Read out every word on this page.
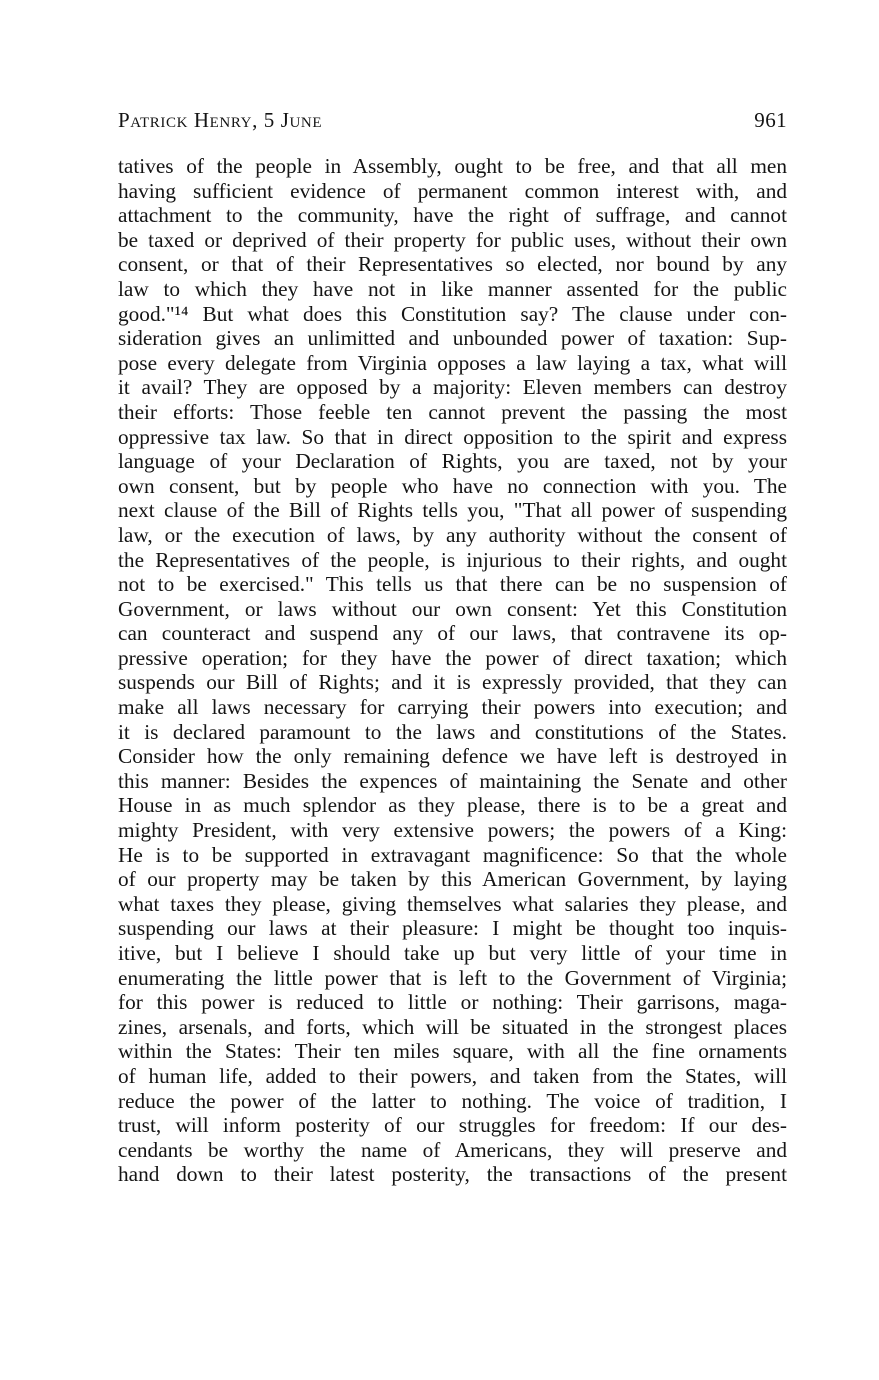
Patrick Henry, 5 June	961
tatives of the people in Assembly, ought to be free, and that all men
having sufficient evidence of permanent common interest with, and
attachment to the community, have the right of suffrage, and cannot
be taxed or deprived of their property for public uses, without their own
consent, or that of their Representatives so elected, nor bound by any
law to which they have not in like manner assented for the public
good."¹⁴ But what does this Constitution say? The clause under con-
sideration gives an unlimitted and unbounded power of taxation: Sup-
pose every delegate from Virginia opposes a law laying a tax, what will
it avail? They are opposed by a majority: Eleven members can destroy
their efforts: Those feeble ten cannot prevent the passing the most
oppressive tax law. So that in direct opposition to the spirit and express
language of your Declaration of Rights, you are taxed, not by your
own consent, but by people who have no connection with you. The
next clause of the Bill of Rights tells you, "That all power of suspending
law, or the execution of laws, by any authority without the consent of
the Representatives of the people, is injurious to their rights, and ought
not to be exercised." This tells us that there can be no suspension of
Government, or laws without our own consent: Yet this Constitution
can counteract and suspend any of our laws, that contravene its op-
pressive operation; for they have the power of direct taxation; which
suspends our Bill of Rights; and it is expressly provided, that they can
make all laws necessary for carrying their powers into execution; and
it is declared paramount to the laws and constitutions of the States.
Consider how the only remaining defence we have left is destroyed in
this manner: Besides the expences of maintaining the Senate and other
House in as much splendor as they please, there is to be a great and
mighty President, with very extensive powers; the powers of a King:
He is to be supported in extravagant magnificence: So that the whole
of our property may be taken by this American Government, by laying
what taxes they please, giving themselves what salaries they please, and
suspending our laws at their pleasure: I might be thought too inquis-
itive, but I believe I should take up but very little of your time in
enumerating the little power that is left to the Government of Virginia;
for this power is reduced to little or nothing: Their garrisons, maga-
zines, arsenals, and forts, which will be situated in the strongest places
within the States: Their ten miles square, with all the fine ornaments
of human life, added to their powers, and taken from the States, will
reduce the power of the latter to nothing. The voice of tradition, I
trust, will inform posterity of our struggles for freedom: If our des-
cendants be worthy the name of Americans, they will preserve and
hand down to their latest posterity, the transactions of the present
